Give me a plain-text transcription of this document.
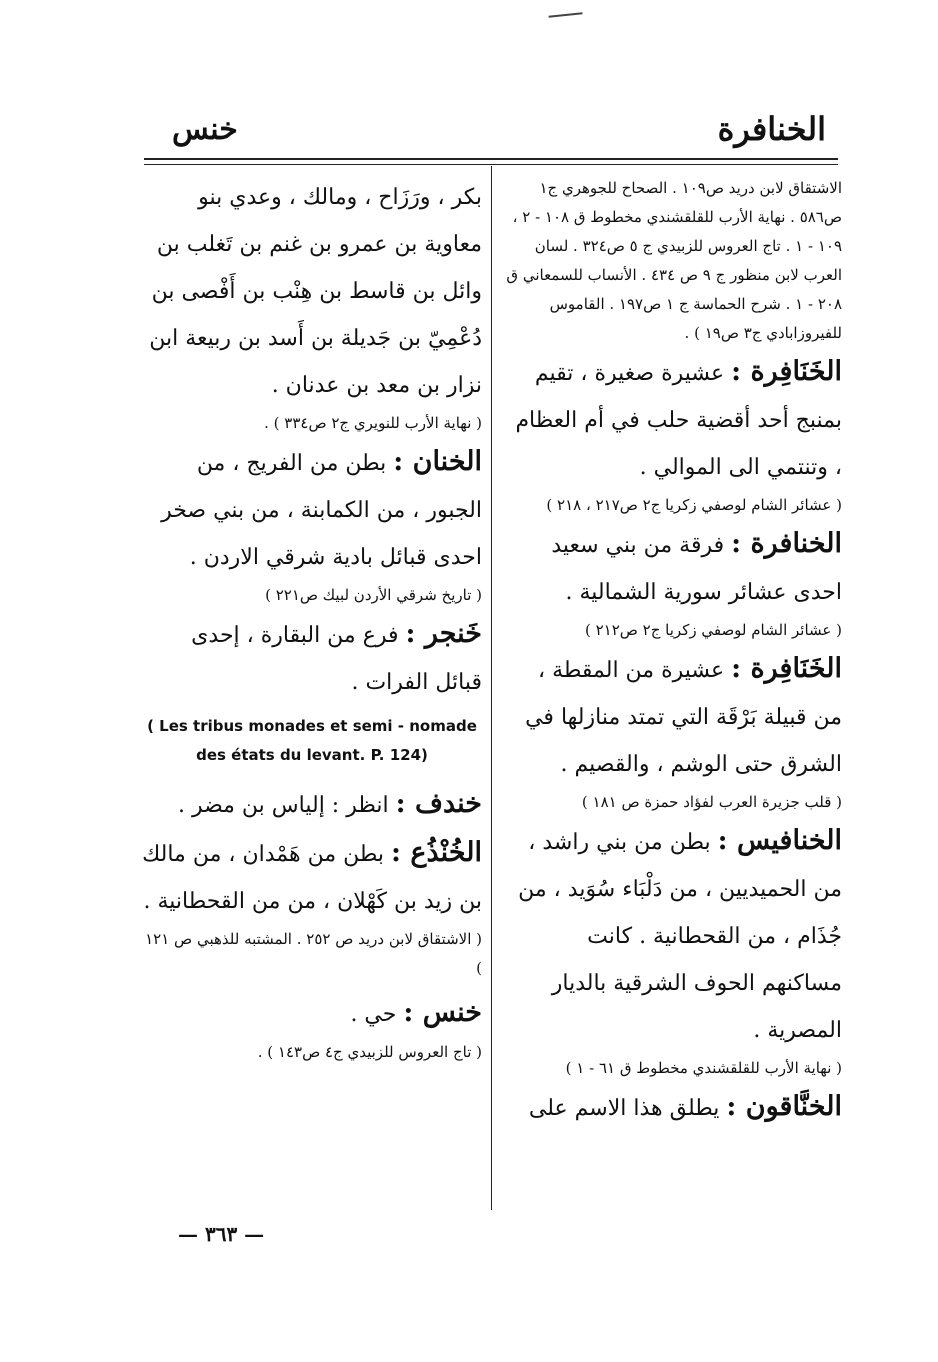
الخنافرة
خنس

الاشتقاق لابن دريد ص١٠٩ . الصحاح للجوهري ج١ ص٥٨٦ . نهاية الأرب للقلقشندي مخطوط ق ١٠٨ - ٢ ، ١٠٩ - ١ . تاج العروس للزبيدي ج ٥ ص٣٢٤ . لسان العرب لابن منظور ج ٩ ص ٤٣٤ . الأنساب للسمعاني ق ٢٠٨ - ١ . شرح الحماسة ج ١ ص١٩٧ . القاموس للفيروزابادي ج٣ ص١٩ ) .

الخَنَافِرة : عشيرة صغيرة ، تقيم بمنبج أحد أقضية حلب في أم العظام ، وتنتمي الى الموالي .

( عشائر الشام لوصفي زكريا ج٢ ص٢١٧ ، ٢١٨ )

الخنافرة : فرقة من بني سعيد احدى عشائر سورية الشمالية .

( عشائر الشام لوصفي زكريا ج٢ ص٢١٢ )

الخَنَافِرة : عشيرة من المقطة ، من قبيلة بَرْقَة التي تمتد منازلها في الشرق حتى الوشم ، والقصيم .

( قلب جزيرة العرب لفؤاد حمزة ص ١٨١ )

الخنافيس : بطن من بني راشد ، من الحميديين ، من دَلْبَاء سُوَيد ، من جُذَام ، من القحطانية . كانت مساكنهم الحوف الشرقية بالديار المصرية .

( نهاية الأرب للقلقشندي مخطوط ق ٦١ - ١ )

الخنَّاقون : يطلق هذا الاسم على

بكر ، ورَزَاح ، ومالك ، وعدي بنو معاوية بن عمرو بن غنم بن تَغلب بن وائل بن قاسط بن هِنْب بن أَفْصى بن دُعْمِيّ بن جَديلة بن أَسد بن ربيعة ابن نزار بن معد بن عدنان .

( نهاية الأرب للنويري ج٢ ص٣٣٤ ) .

الخنان : بطن من الفريج ، من الجبور ، من الكمابنة ، من بني صخر احدى قبائل بادية شرقي الاردن .

( تاريخ شرقي الأردن لبيك ص٢٢١ )

خَنجر : فرع من البقارة ، إحدى قبائل الفرات .

( Les tribus monades et semi - nomade des états du levant. P. 124)

خندف : انظر : إلياس بن مضر .

الخُنْذُع : بطن من هَمْدان ، من مالك بن زيد بن كَهْلان ، من من القحطانية .

( الاشتقاق لابن دريد ص ٢٥٢ . المشتبه للذهبي ص ١٢١ )

خنس : حي .

( تاج العروس للزبيدي ج٤ ص١٤٣ ) .

— ٣٦٣ —
